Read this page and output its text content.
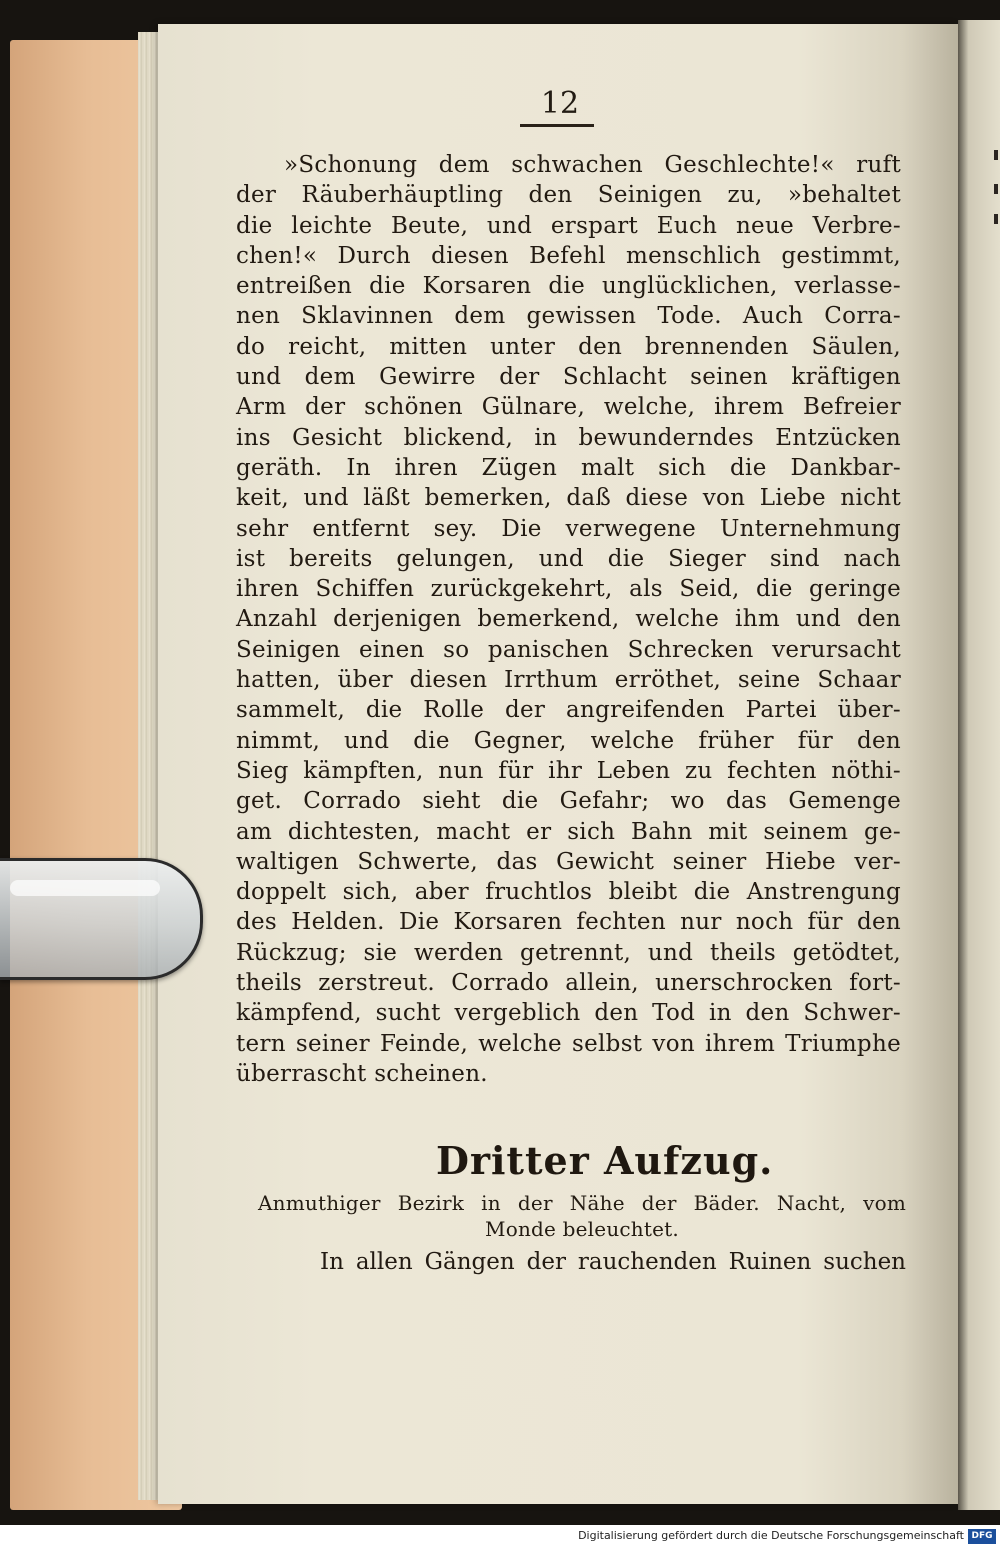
12
»Schonung dem schwachen Geschlechte!« ruft
der Räuberhäuptling den Seinigen zu, »behaltet
die leichte Beute, und erspart Euch neue Verbre-
chen!« Durch diesen Befehl menschlich gestimmt,
entreißen die Korsaren die unglücklichen, verlasse-
nen Sklavinnen dem gewissen Tode. Auch Corra-
do reicht, mitten unter den brennenden Säulen,
und dem Gewirre der Schlacht seinen kräftigen
Arm der schönen Gülnare, welche, ihrem Befreier
ins Gesicht blickend, in bewunderndes Entzücken
geräth. In ihren Zügen malt sich die Dankbar-
keit, und läßt bemerken, daß diese von Liebe nicht
sehr entfernt sey. Die verwegene Unternehmung
ist bereits gelungen, und die Sieger sind nach
ihren Schiffen zurückgekehrt, als Seid, die geringe
Anzahl derjenigen bemerkend, welche ihm und den
Seinigen einen so panischen Schrecken verursacht
hatten, über diesen Irrthum erröthet, seine Schaar
sammelt, die Rolle der angreifenden Partei über-
nimmt, und die Gegner, welche früher für den
Sieg kämpften, nun für ihr Leben zu fechten nöthi-
get. Corrado sieht die Gefahr; wo das Gemenge
am dichtesten, macht er sich Bahn mit seinem ge-
waltigen Schwerte, das Gewicht seiner Hiebe ver-
doppelt sich, aber fruchtlos bleibt die Anstrengung
des Helden. Die Korsaren fechten nur noch für den
Rückzug; sie werden getrennt, und theils getödtet,
theils zerstreut. Corrado allein, unerschrocken fort-
kämpfend, sucht vergeblich den Tod in den Schwer-
tern seiner Feinde, welche selbst von ihrem Triumphe
überrascht scheinen.
Dritter Aufzug.
Anmuthiger Bezirk in der Nähe der Bäder. Nacht, vom
Monde beleuchtet.
In allen Gängen der rauchenden Ruinen suchen
Digitalisierung gefördert durch die Deutsche Forschungsgemeinschaft DFG
